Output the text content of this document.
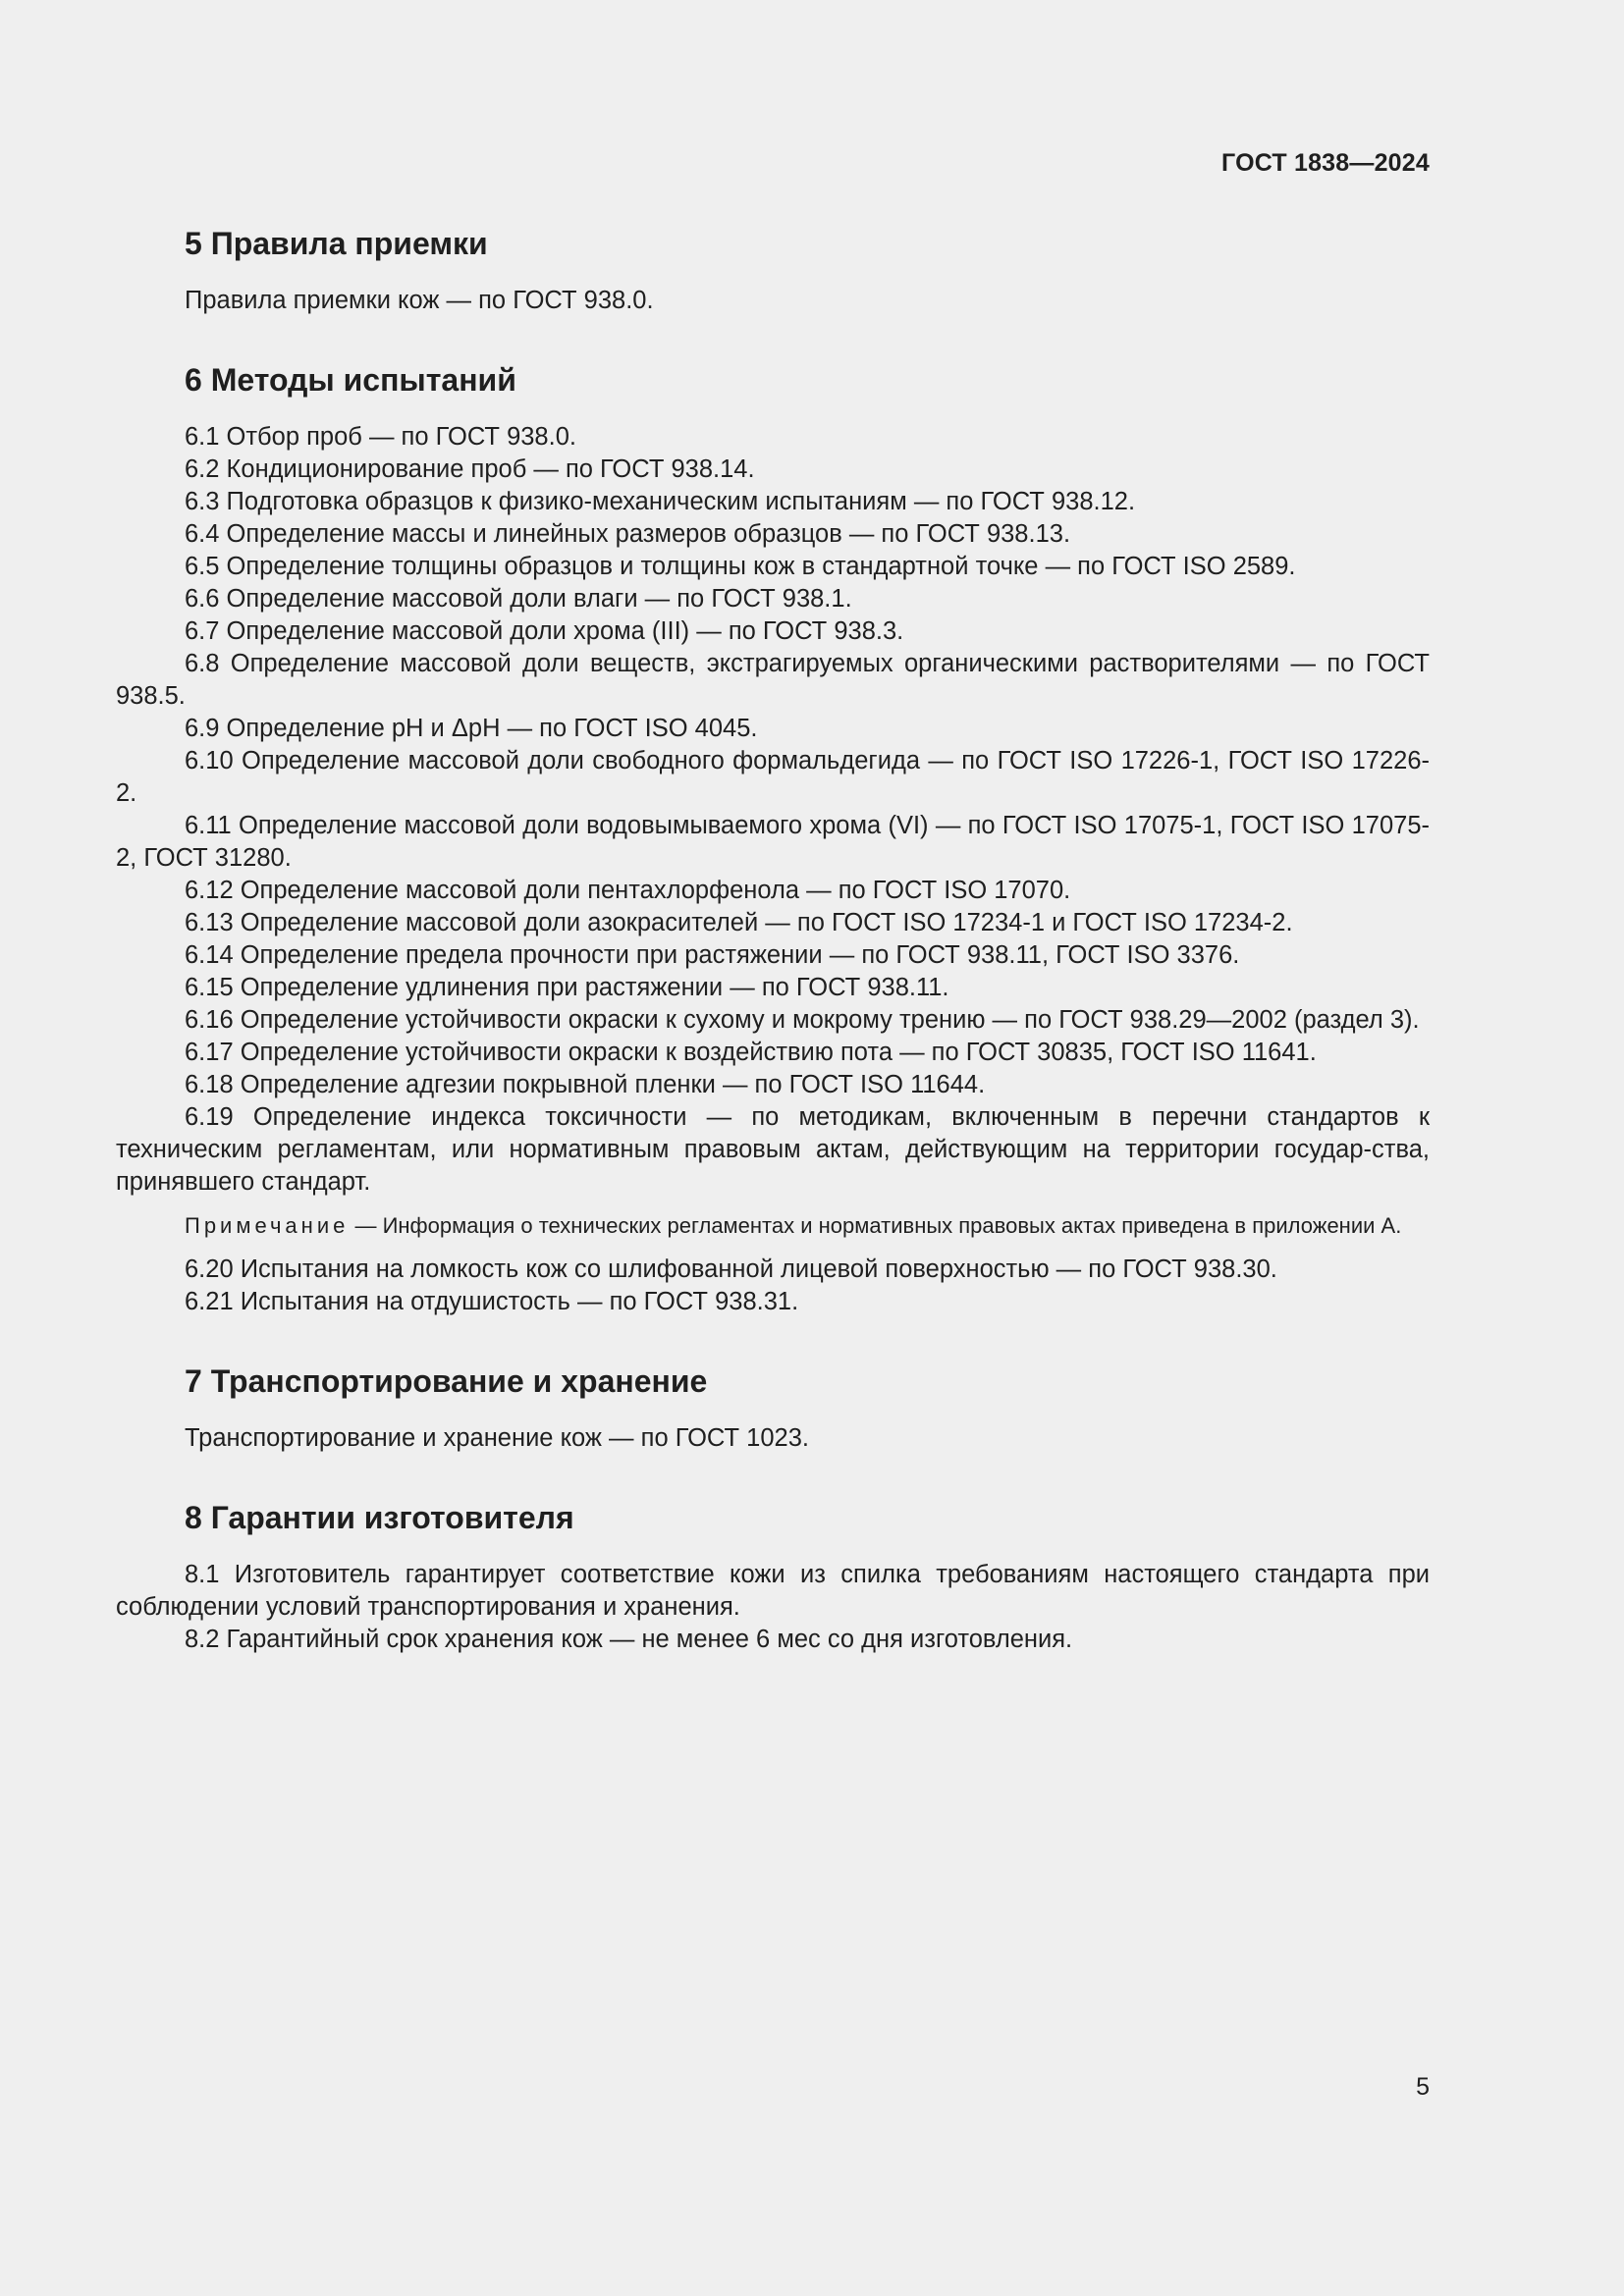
ГОСТ 1838—2024
5 Правила приемки

Правила приемки кож — по ГОСТ 938.0.

6 Методы испытаний

6.1 Отбор проб — по ГОСТ 938.0.

6.2 Кондиционирование проб — по ГОСТ 938.14.

6.3 Подготовка образцов к физико-механическим испытаниям — по ГОСТ 938.12.

6.4 Определение массы и линейных размеров образцов — по ГОСТ 938.13.

6.5 Определение толщины образцов и толщины кож в стандартной точке — по ГОСТ ISO 2589.

6.6 Определение массовой доли влаги — по ГОСТ 938.1.

6.7 Определение массовой доли хрома (III) — по ГОСТ 938.3.

6.8 Определение массовой доли веществ, экстрагируемых органическими растворителями — по ГОСТ 938.5.

6.9 Определение рН и ΔрН — по ГОСТ ISO 4045.

6.10 Определение массовой доли свободного формальдегида — по ГОСТ ISO 17226-1, ГОСТ ISO 17226-2.

6.11 Определение массовой доли водовымываемого хрома (VI) — по ГОСТ ISO 17075-1, ГОСТ ISO 17075-2, ГОСТ 31280.

6.12 Определение массовой доли пентахлорфенола — по ГОСТ ISO 17070.

6.13 Определение массовой доли азокрасителей — по ГОСТ ISO 17234-1 и ГОСТ ISO 17234-2.

6.14 Определение предела прочности при растяжении — по ГОСТ 938.11, ГОСТ ISO 3376.

6.15 Определение удлинения при растяжении — по ГОСТ 938.11.

6.16 Определение устойчивости окраски к сухому и мокрому трению — по ГОСТ 938.29—2002 (раздел 3).

6.17 Определение устойчивости окраски к воздействию пота — по ГОСТ 30835, ГОСТ ISO 11641.

6.18 Определение адгезии покрывной пленки — по ГОСТ ISO 11644.

6.19 Определение индекса токсичности — по методикам, включенным в перечни стандартов к техническим регламентам, или нормативным правовым актам, действующим на территории государ-ства, принявшего стандарт.

Примечание — Информация о технических регламентах и нормативных правовых актах приведена в приложении А.

6.20 Испытания на ломкость кож со шлифованной лицевой поверхностью — по ГОСТ 938.30.

6.21 Испытания на отдушистость — по ГОСТ 938.31.

7 Транспортирование и хранение

Транспортирование и хранение кож — по ГОСТ 1023.

8 Гарантии изготовителя

8.1 Изготовитель гарантирует соответствие кожи из спилка требованиям настоящего стандарта при соблюдении условий транспортирования и хранения.

8.2 Гарантийный срок хранения кож — не менее 6 мес со дня изготовления.

5
